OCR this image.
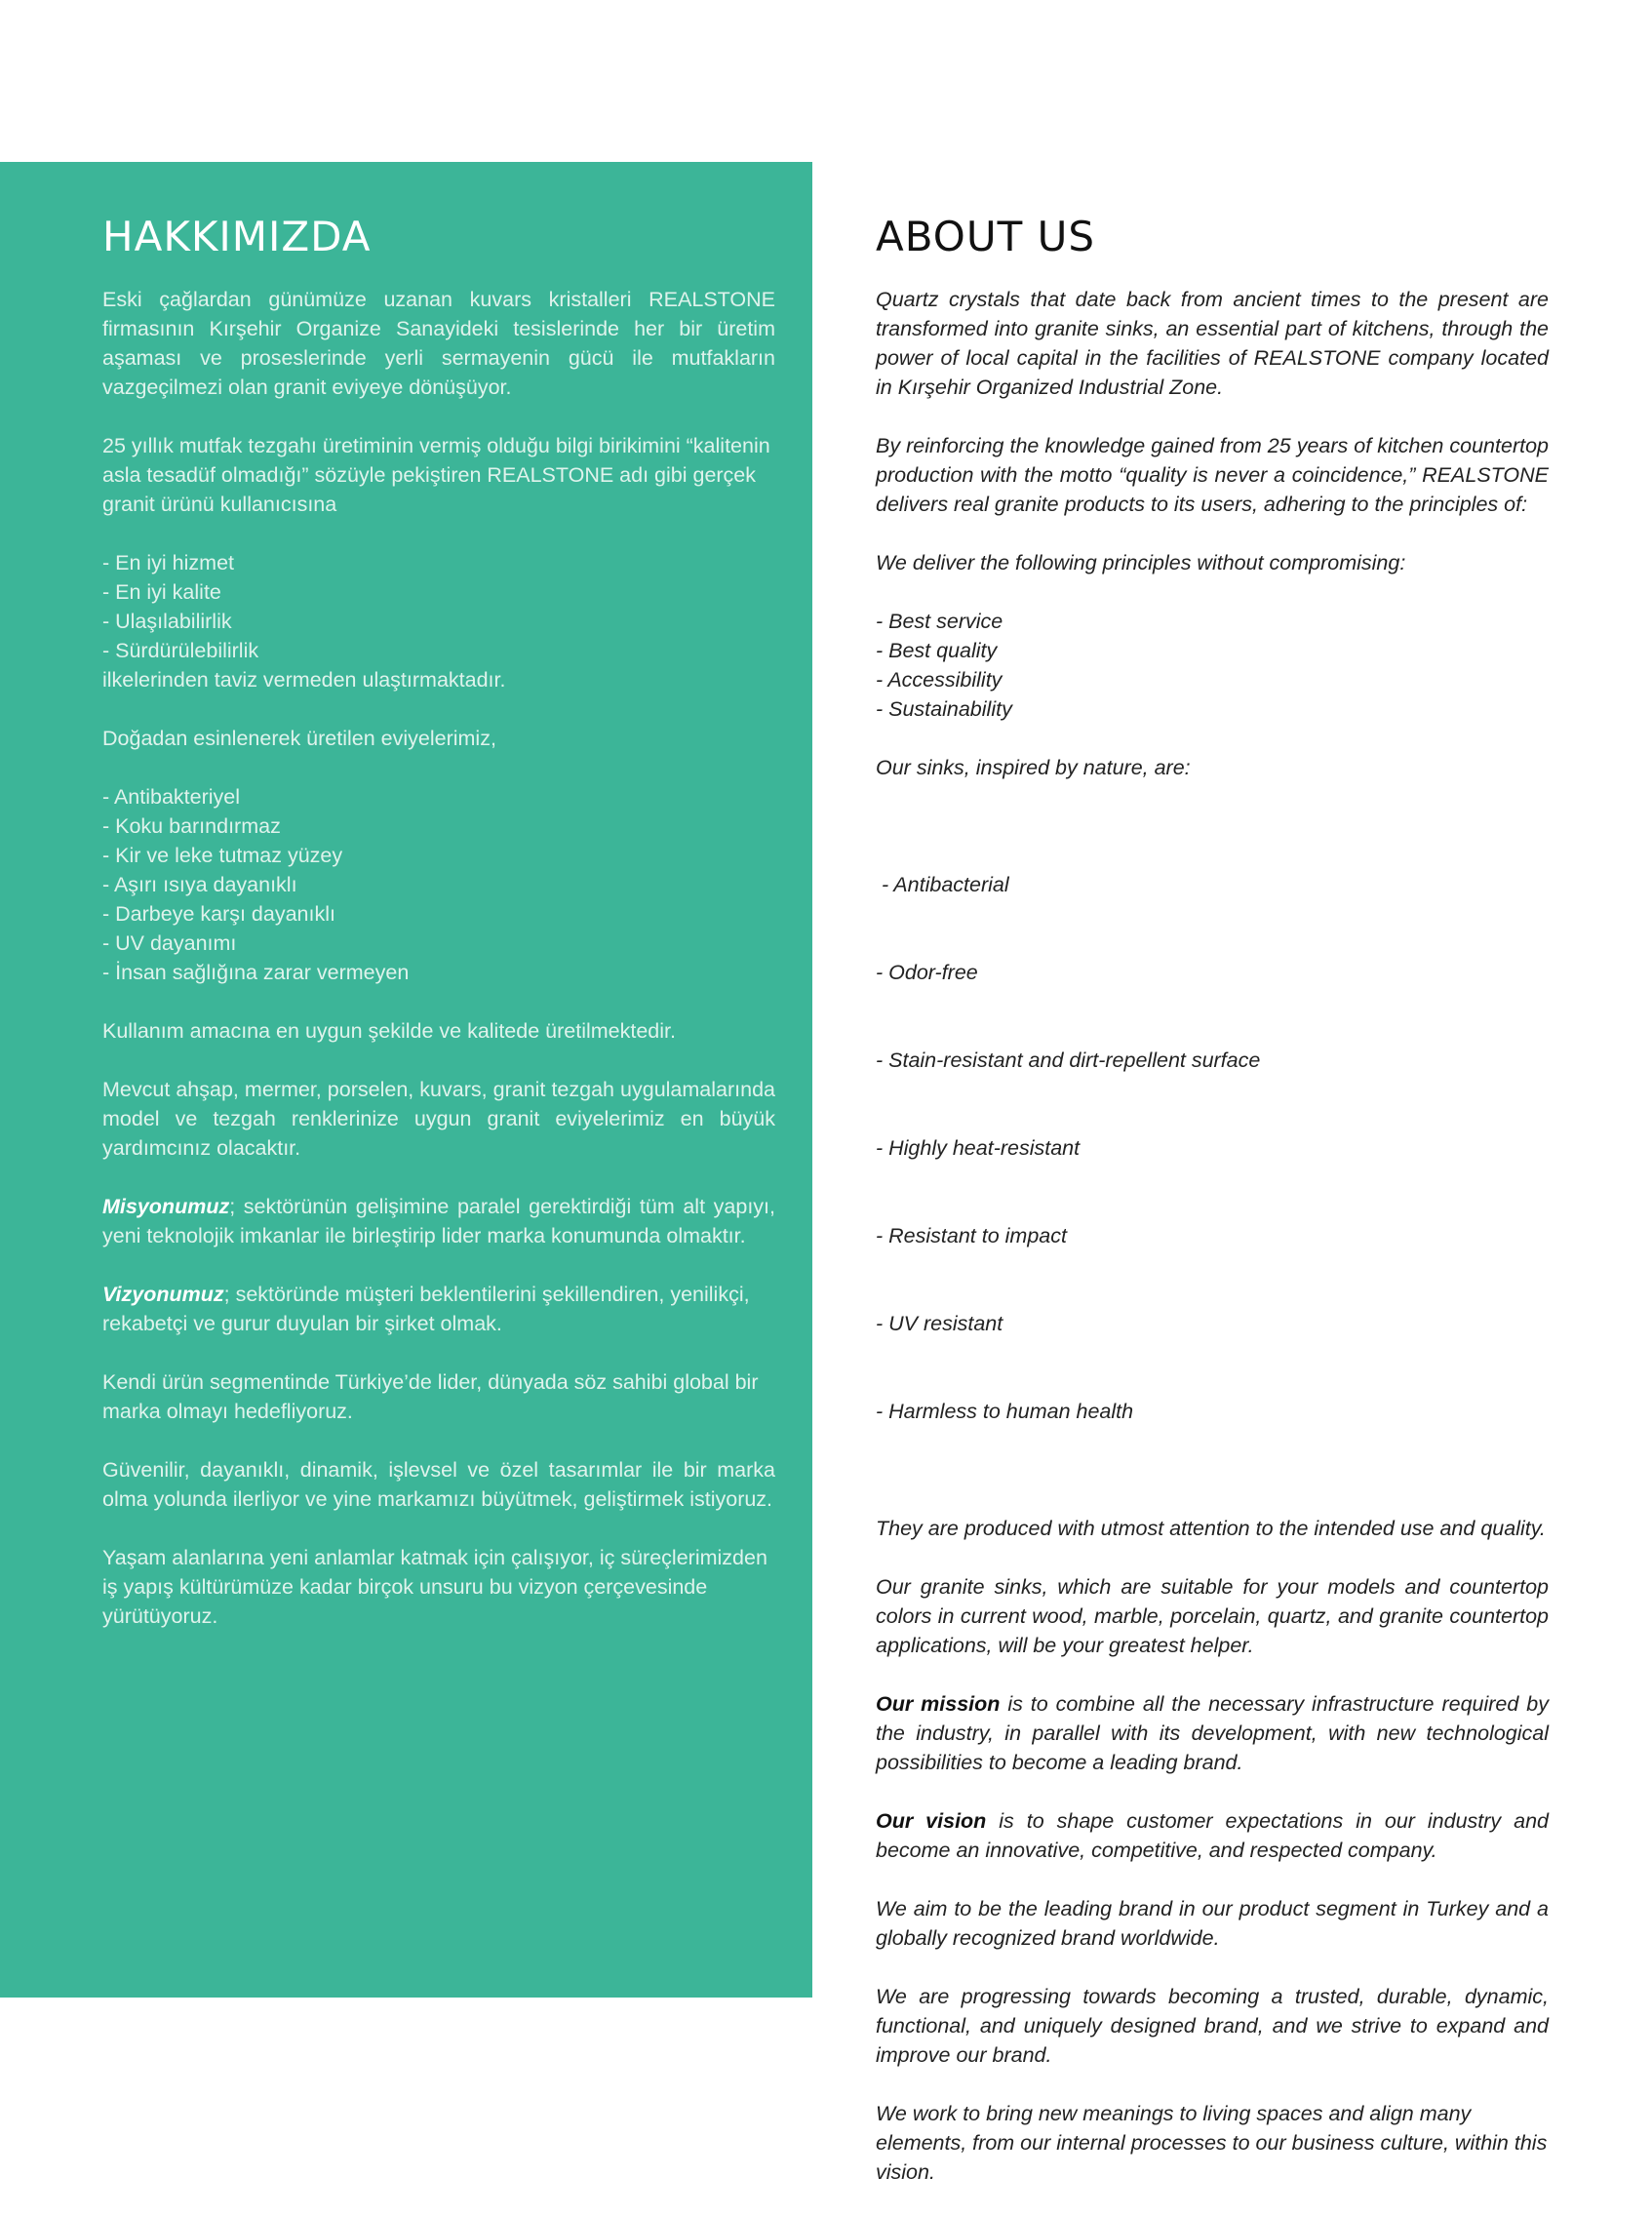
HAKKIMIZDA

Eski çağlardan günümüze uzanan kuvars kristalleri REALSTONE firmasının Kırşehir Organize Sanayideki tesislerinde her bir üretim aşaması ve proseslerinde yerli sermayenin gücü ile mutfakların vazgeçilmezi olan granit eviyeye dönüşüyor.

25 yıllık mutfak tezgahı üretiminin vermiş olduğu bilgi birikimini “kalitenin asla tesadüf olmadığı” sözüyle pekiştiren REALSTONE adı gibi gerçek granit ürünü kullanıcısına

- En iyi hizmet

- En iyi kalite

- Ulaşılabilirlik

- Sürdürülebilirlik

ilkelerinden taviz vermeden ulaştırmaktadır.

Doğadan esinlenerek üretilen eviyelerimiz,

- Antibakteriyel

- Koku barındırmaz

- Kir ve leke tutmaz yüzey

- Aşırı ısıya dayanıklı

- Darbeye karşı dayanıklı

- UV dayanımı

- İnsan sağlığına zarar vermeyen

Kullanım amacına en uygun şekilde ve kalitede üretilmektedir.

Mevcut ahşap, mermer, porselen, kuvars, granit tezgah uygulamalarında model ve tezgah renklerinize uygun granit eviyelerimiz en büyük yardımcınız olacaktır.

Misyonumuz; sektörünün gelişimine paralel gerektirdiği tüm alt yapıyı, yeni teknolojik imkanlar ile birleştirip lider marka konumunda olmaktır.

Vizyonumuz; sektöründe müşteri beklentilerini şekillendiren, yenilikçi, rekabetçi ve gurur duyulan bir şirket olmak.

Kendi ürün segmentinde Türkiye’de lider, dünyada söz sahibi global bir marka olmayı hedefliyoruz.

Güvenilir, dayanıklı, dinamik, işlevsel ve özel tasarımlar ile bir marka olma yolunda ilerliyor ve yine markamızı büyütmek, geliştirmek istiyoruz.

Yaşam alanlarına yeni anlamlar katmak için çalışıyor, iç süreçlerimizden iş yapış kültürümüze kadar birçok unsuru bu vizyon çerçevesinde yürütüyoruz.

ABOUT US

Quartz crystals that date back from ancient times to the present are transformed into granite sinks, an essential part of kitchens, through the power of local capital in the facilities of REALSTONE company located in Kırşehir Organized Industrial Zone.

By reinforcing the knowledge gained from 25 years of kitchen countertop production with the motto “quality is never a coincidence,” REALSTONE delivers real granite products to its users, adhering to the principles of:

We deliver the following principles without compromising:

- Best service

- Best quality

- Accessibility

- Sustainability

Our sinks, inspired by nature, are:

- Antibacterial

- Odor-free

- Stain-resistant and dirt-repellent surface

- Highly heat-resistant

- Resistant to impact

- UV resistant

- Harmless to human health

They are produced with utmost attention to the intended use and quality.

Our granite sinks, which are suitable for your models and countertop colors in current wood, marble, porcelain, quartz, and granite countertop applications, will be your greatest helper.

Our mission is to combine all the necessary infrastructure required by the industry, in parallel with its development, with new technological possibilities to become a leading brand.

Our vision is to shape customer expectations in our industry and become an innovative, competitive, and respected company.

We aim to be the leading brand in our product segment in Turkey and a globally recognized brand worldwide.

We are progressing towards becoming a trusted, durable, dynamic, functional, and uniquely designed brand, and we strive to expand and improve our brand.

We work to bring new meanings to living spaces and align many elements, from our internal processes to our business culture, within this vision.
